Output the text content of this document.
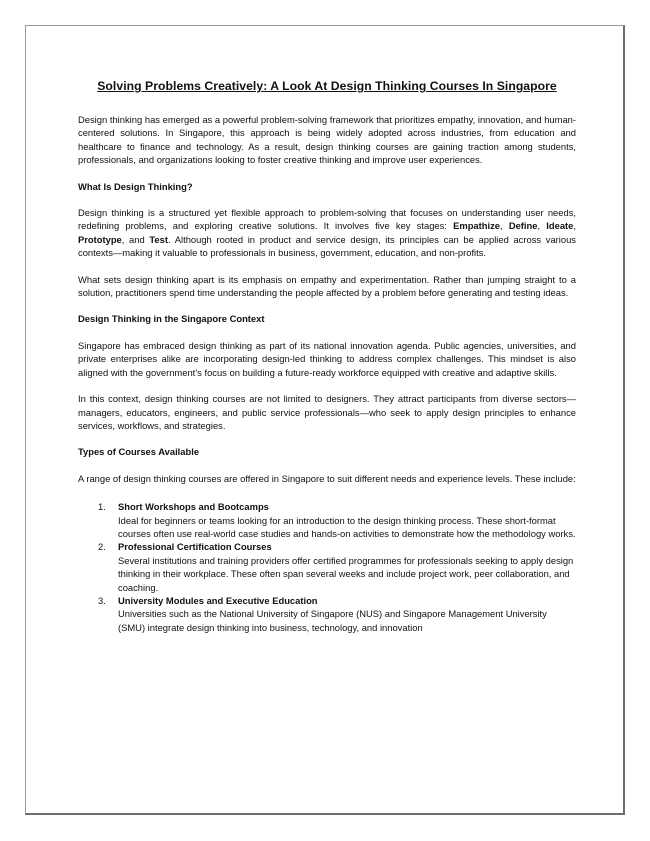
Solving Problems Creatively: A Look At Design Thinking Courses In Singapore

Design thinking has emerged as a powerful problem-solving framework that prioritizes empathy, innovation, and human-centered solutions. In Singapore, this approach is being widely adopted across industries, from education and healthcare to finance and technology. As a result, design thinking courses are gaining traction among students, professionals, and organizations looking to foster creative thinking and improve user experiences.

What Is Design Thinking?

Design thinking is a structured yet flexible approach to problem-solving that focuses on understanding user needs, redefining problems, and exploring creative solutions. It involves five key stages: Empathize, Define, Ideate, Prototype, and Test. Although rooted in product and service design, its principles can be applied across various contexts—making it valuable to professionals in business, government, education, and non-profits.

What sets design thinking apart is its emphasis on empathy and experimentation. Rather than jumping straight to a solution, practitioners spend time understanding the people affected by a problem before generating and testing ideas.

Design Thinking in the Singapore Context

Singapore has embraced design thinking as part of its national innovation agenda. Public agencies, universities, and private enterprises alike are incorporating design-led thinking to address complex challenges. This mindset is also aligned with the government’s focus on building a future-ready workforce equipped with creative and adaptive skills.

In this context, design thinking courses are not limited to designers. They attract participants from diverse sectors—managers, educators, engineers, and public service professionals—who seek to apply design principles to enhance services, workflows, and strategies.

Types of Courses Available

A range of design thinking courses are offered in Singapore to suit different needs and experience levels. These include:

1. Short Workshops and Bootcamps
Ideal for beginners or teams looking for an introduction to the design thinking process. These short-format courses often use real-world case studies and hands-on activities to demonstrate how the methodology works.
2. Professional Certification Courses
Several institutions and training providers offer certified programmes for professionals seeking to apply design thinking in their workplace. These often span several weeks and include project work, peer collaboration, and coaching.
3. University Modules and Executive Education
Universities such as the National University of Singapore (NUS) and Singapore Management University (SMU) integrate design thinking into business, technology, and innovation
